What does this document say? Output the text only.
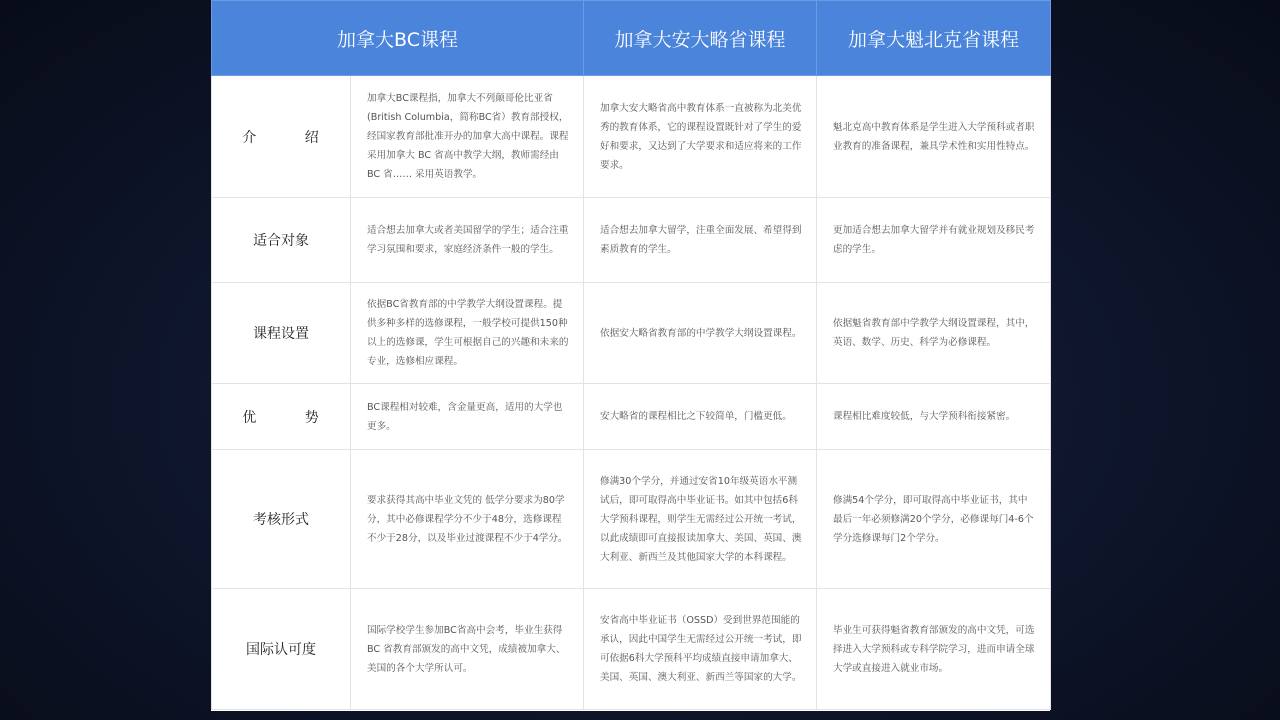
加拿大BC课程		加拿大安大略省课程	加拿大魁北克省课程
介 绍	加拿大BC课程指，加拿大不列颠哥伦比亚省(British Columbia，简称BC省）教育部授权，经国家教育部批准开办的加拿大高中课程。课程采用加拿大 BC 省高中教学大纲，教师需经由BC 省…… 采用英语教学。	加拿大安大略省高中教育体系一直被称为北美优秀的教育体系，它的课程设置既针对了学生的爱好和要求，又达到了大学要求和适应将来的工作要求。	魁北克高中教育体系是学生进入大学预科或者职业教育的准备课程，兼具学术性和实用性特点。
适合对象	适合想去加拿大或者美国留学的学生；适合注重学习氛围和要求，家庭经济条件一般的学生。	适合想去加拿大留学，注重全面发展、希望得到素质教育的学生。	更加适合想去加拿大留学并有就业规划及移民考虑的学生。
课程设置	依据BC省教育部的中学教学大纲设置课程。提供多种多样的选修课程，一般学校可提供150种以上的选修课，学生可根据自己的兴趣和未来的专业，选修相应课程。	依据安大略省教育部的中学教学大纲设置课程。	依据魁省教育部中学教学大纲设置课程，其中，英语、数学、历史、科学为必修课程。
优 势	BC课程相对较难，含金量更高，适用的大学也更多。	安大略省的课程相比之下较简单，门槛更低。	课程相比难度较低，与大学预科衔接紧密。
考核形式	要求获得其高中毕业文凭的 低学分要求为80学分，其中必修课程学分不少于48分，选修课程不少于28分，以及毕业过渡课程不少于4学分。	修满30个学分，并通过安省10年级英语水平测试后，即可取得高中毕业证书。如其中包括6科大学预科课程，则学生无需经过公开统一考试，以此成绩即可直接报读加拿大、美国、英国、澳大利亚、新西兰及其他国家大学的本科课程。	修满54个学分，即可取得高中毕业证书，其中最后一年必须修满20个学分，必修课每门4-6个学分选修课每门2个学分。
国际认可度	国际学校学生参加BC省高中会考，毕业生获得BC 省教育部颁发的高中文凭，成绩被加拿大、美国的各个大学所认可。	安省高中毕业证书（OSSD）受到世界范围能的承认，因此中国学生无需经过公开统一考试，即可依据6科大学预科平均成绩直接申请加拿大、美国、英国、澳大利亚、新西兰等国家的大学。	毕业生可获得魁省教育部颁发的高中文凭，可选择进入大学预科或专科学院学习，进而申请全球 大学或直接进入就业市场。
